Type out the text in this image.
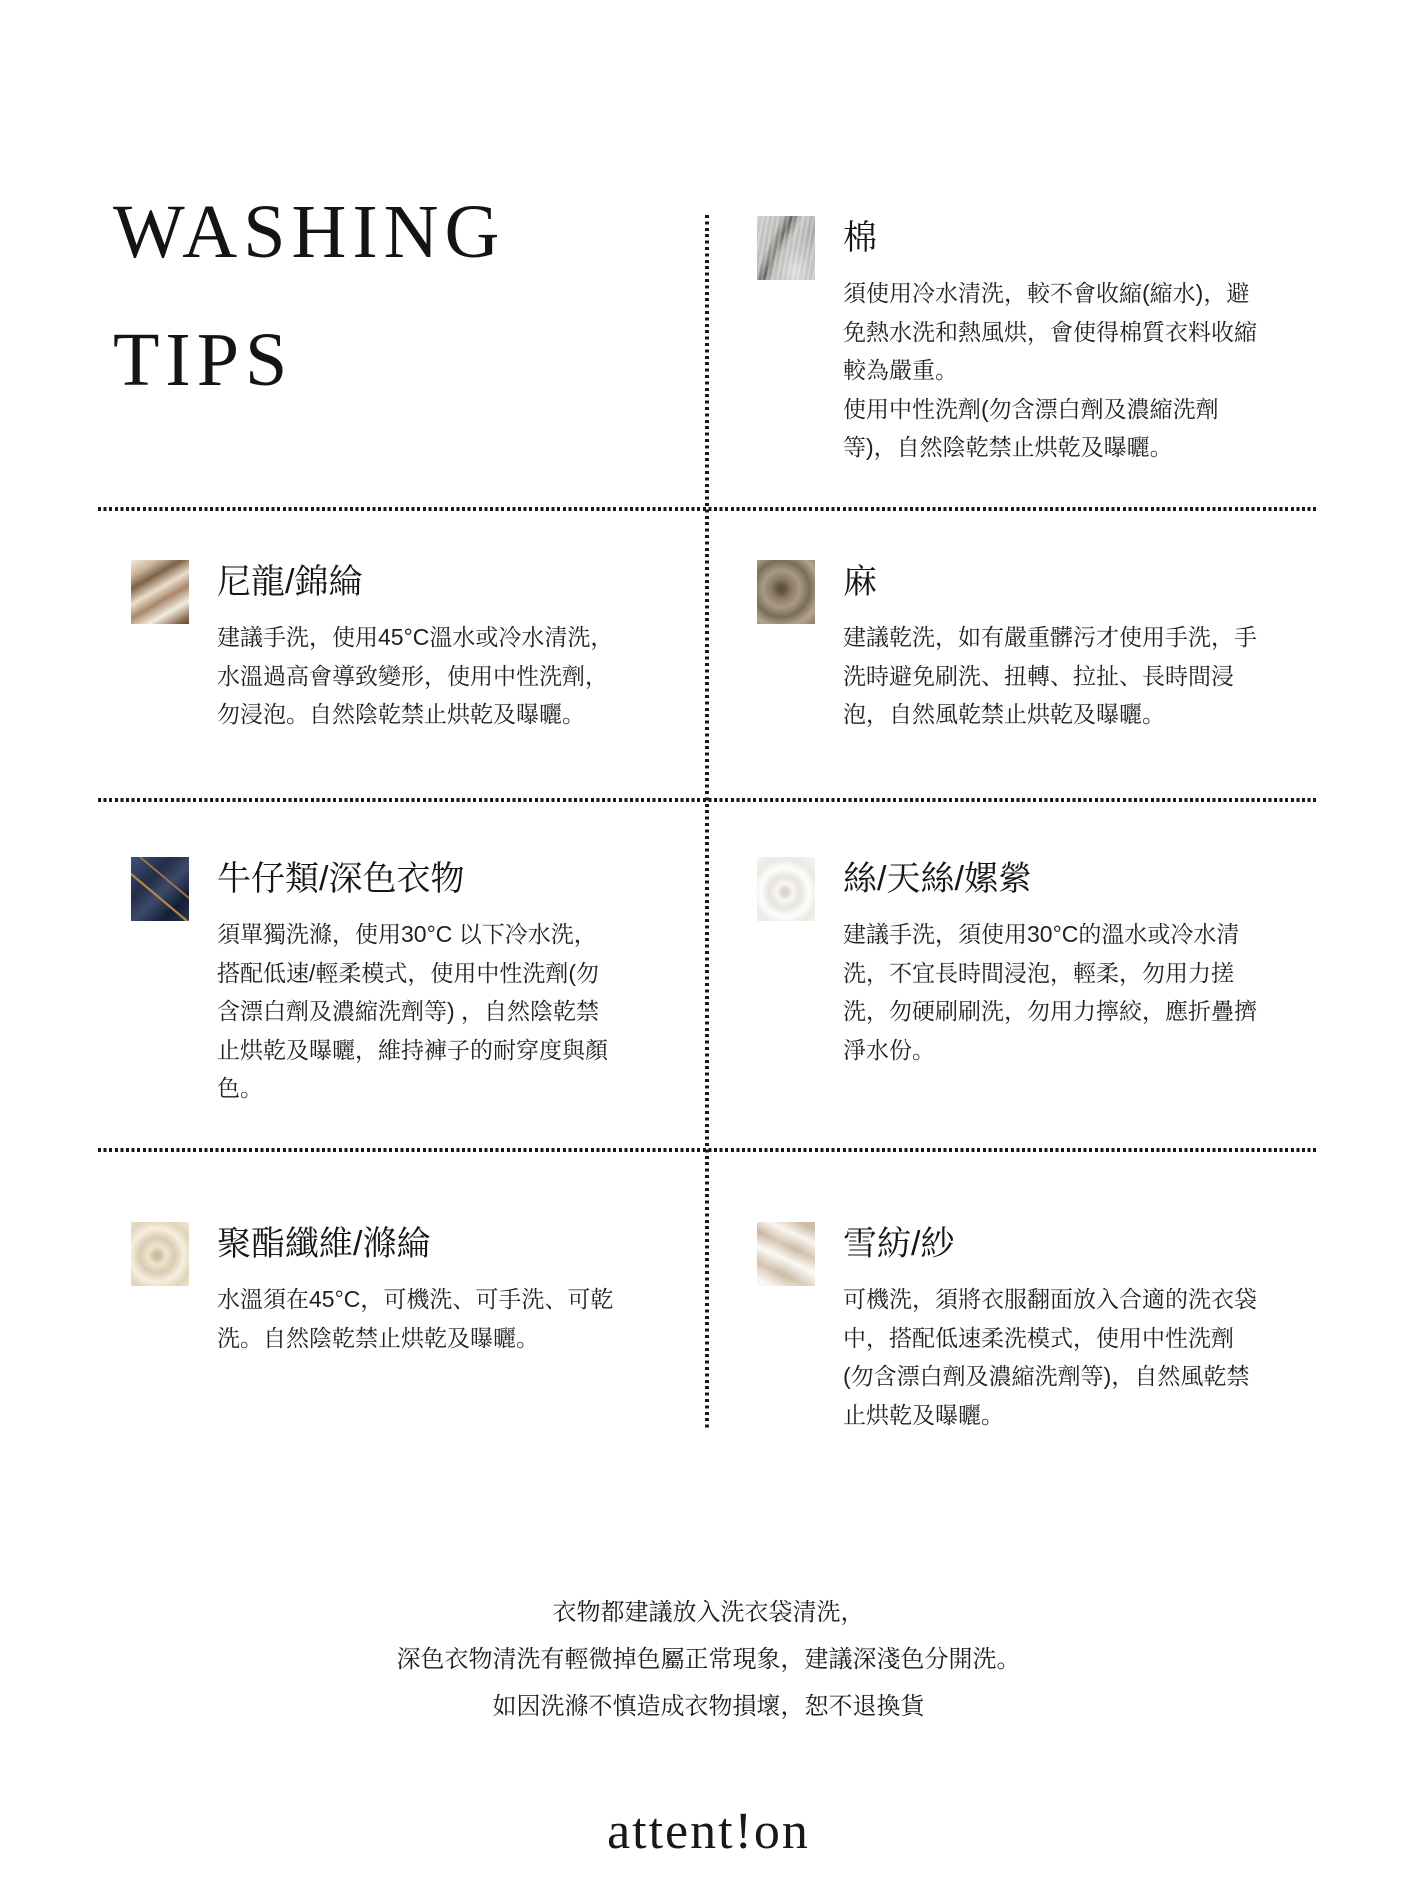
WASHING
TIPS
棉

須使用冷水清洗，較不會收縮(縮水)，避免熱水洗和熱風烘，會使得棉質衣料收縮較為嚴重。

使用中性洗劑(勿含漂白劑及濃縮洗劑等)，自然陰乾禁止烘乾及曝曬。

尼龍/錦綸

建議手洗，使用45°C溫水或冷水清洗，水溫過高會導致變形，使用中性洗劑，勿浸泡。自然陰乾禁止烘乾及曝曬。

麻

建議乾洗，如有嚴重髒污才使用手洗，手洗時避免刷洗、扭轉、拉扯、長時間浸泡，自然風乾禁止烘乾及曝曬。

牛仔類/深色衣物

須單獨洗滌，使用30°C 以下冷水洗，搭配低速/輕柔模式，使用中性洗劑(勿含漂白劑及濃縮洗劑等) ，自然陰乾禁止烘乾及曝曬，維持褲子的耐穿度與顏色。

絲/天絲/嫘縈

建議手洗，須使用30°C的溫水或冷水清洗，不宜長時間浸泡，輕柔，勿用力搓洗，勿硬刷刷洗，勿用力擰絞，應折疊擠淨水份。

聚酯纖維/滌綸

水溫須在45°C，可機洗、可手洗、可乾洗。自然陰乾禁止烘乾及曝曬。

雪紡/紗

可機洗，須將衣服翻面放入合適的洗衣袋中，搭配低速柔洗模式，使用中性洗劑(勿含漂白劑及濃縮洗劑等)，自然風乾禁止烘乾及曝曬。

衣物都建議放入洗衣袋清洗，
深色衣物清洗有輕微掉色屬正常現象，建議深淺色分開洗。
如因洗滌不慎造成衣物損壞，恕不退換貨
attent!on
